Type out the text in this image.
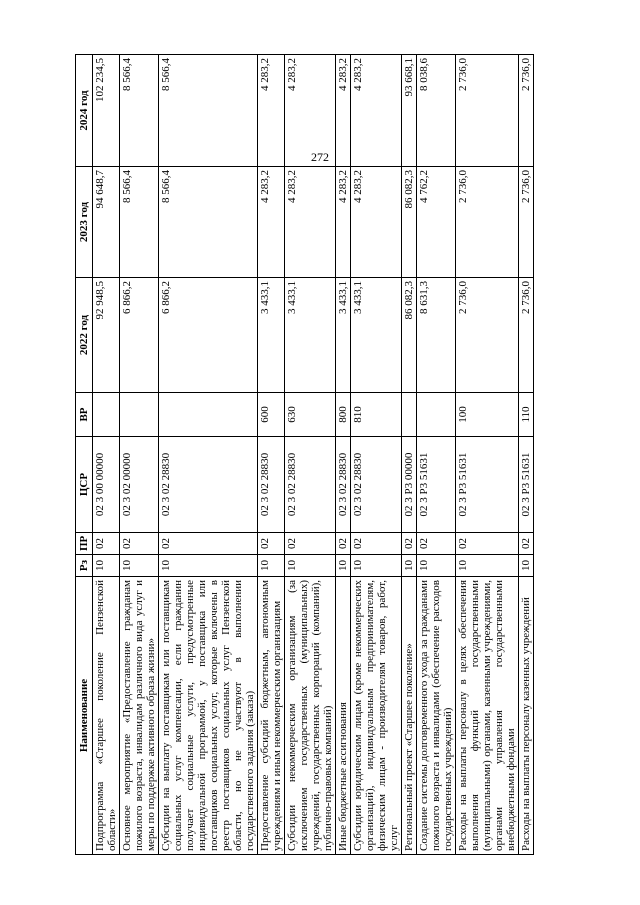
272
Наименование	Рз	ПР	ЦСР	ВР	2022 год	2023 год	2024 год
Подпрограмма «Старшее поколение Пензенской области»	10	02	02 3 00 00000		92 948,5	94 648,7	102 234,5
Основное мероприятие «Предоставление гражданам пожилого возраста, инвалидам различного вида услуг и меры по поддержке активного образа жизни»	10	02	02 3 02 00000		6 866,2	8 566,4	8 566,4
Субсидии на выплату поставщикам или поставщикам социальных услуг компенсации, если гражданин получает социальные услуги, предусмотренные индивидуальной программой, у поставщика или поставщиков социальных услуг, которые включены в реестр поставщиков социальных услуг Пензенской области, но не участвуют в выполнении государственного задания (заказа)	10	02	02 3 02 28830		6 866,2	8 566,4	8 566,4
Предоставление субсидий бюджетным, автономным учреждениям и иным некоммерческим организациям	10	02	02 3 02 28830	600	3 433,1	4 283,2	4 283,2
Субсидии некоммерческим организациям (за исключением государственных (муниципальных) учреждений, государственных корпораций (компаний), публично-правовых компаний)	10	02	02 3 02 28830	630	3 433,1	4 283,2	4 283,2
Иные бюджетные ассигнования	10	02	02 3 02 28830	800	3 433,1	4 283,2	4 283,2
Субсидии юридическим лицам (кроме некоммерческих организаций), индивидуальным предпринимателям, физическим лицам - производителям товаров, работ, услуг	10	02	02 3 02 28830	810	3 433,1	4 283,2	4 283,2
Региональный проект «Старшее поколение»	10	02	02 3 P3 00000		86 082,3	86 082,3	93 668,1
Создание системы долговременного ухода за гражданами пожилого возраста и инвалидами (обеспечение расходов государственных учреждений)	10	02	02 3 P3 51631		8 631,3	4 762,2	8 038,6
Расходы на выплаты персоналу в целях обеспечения выполнения функций государственными (муниципальными) органами, казенными учреждениями, органами управления государственными внебюджетными фондами	10	02	02 3 P3 51631	100	2 736,0	2 736,0	2 736,0
Расходы на выплаты персоналу казенных учреждений	10	02	02 3 P3 51631	110	2 736,0	2 736,0	2 736,0
